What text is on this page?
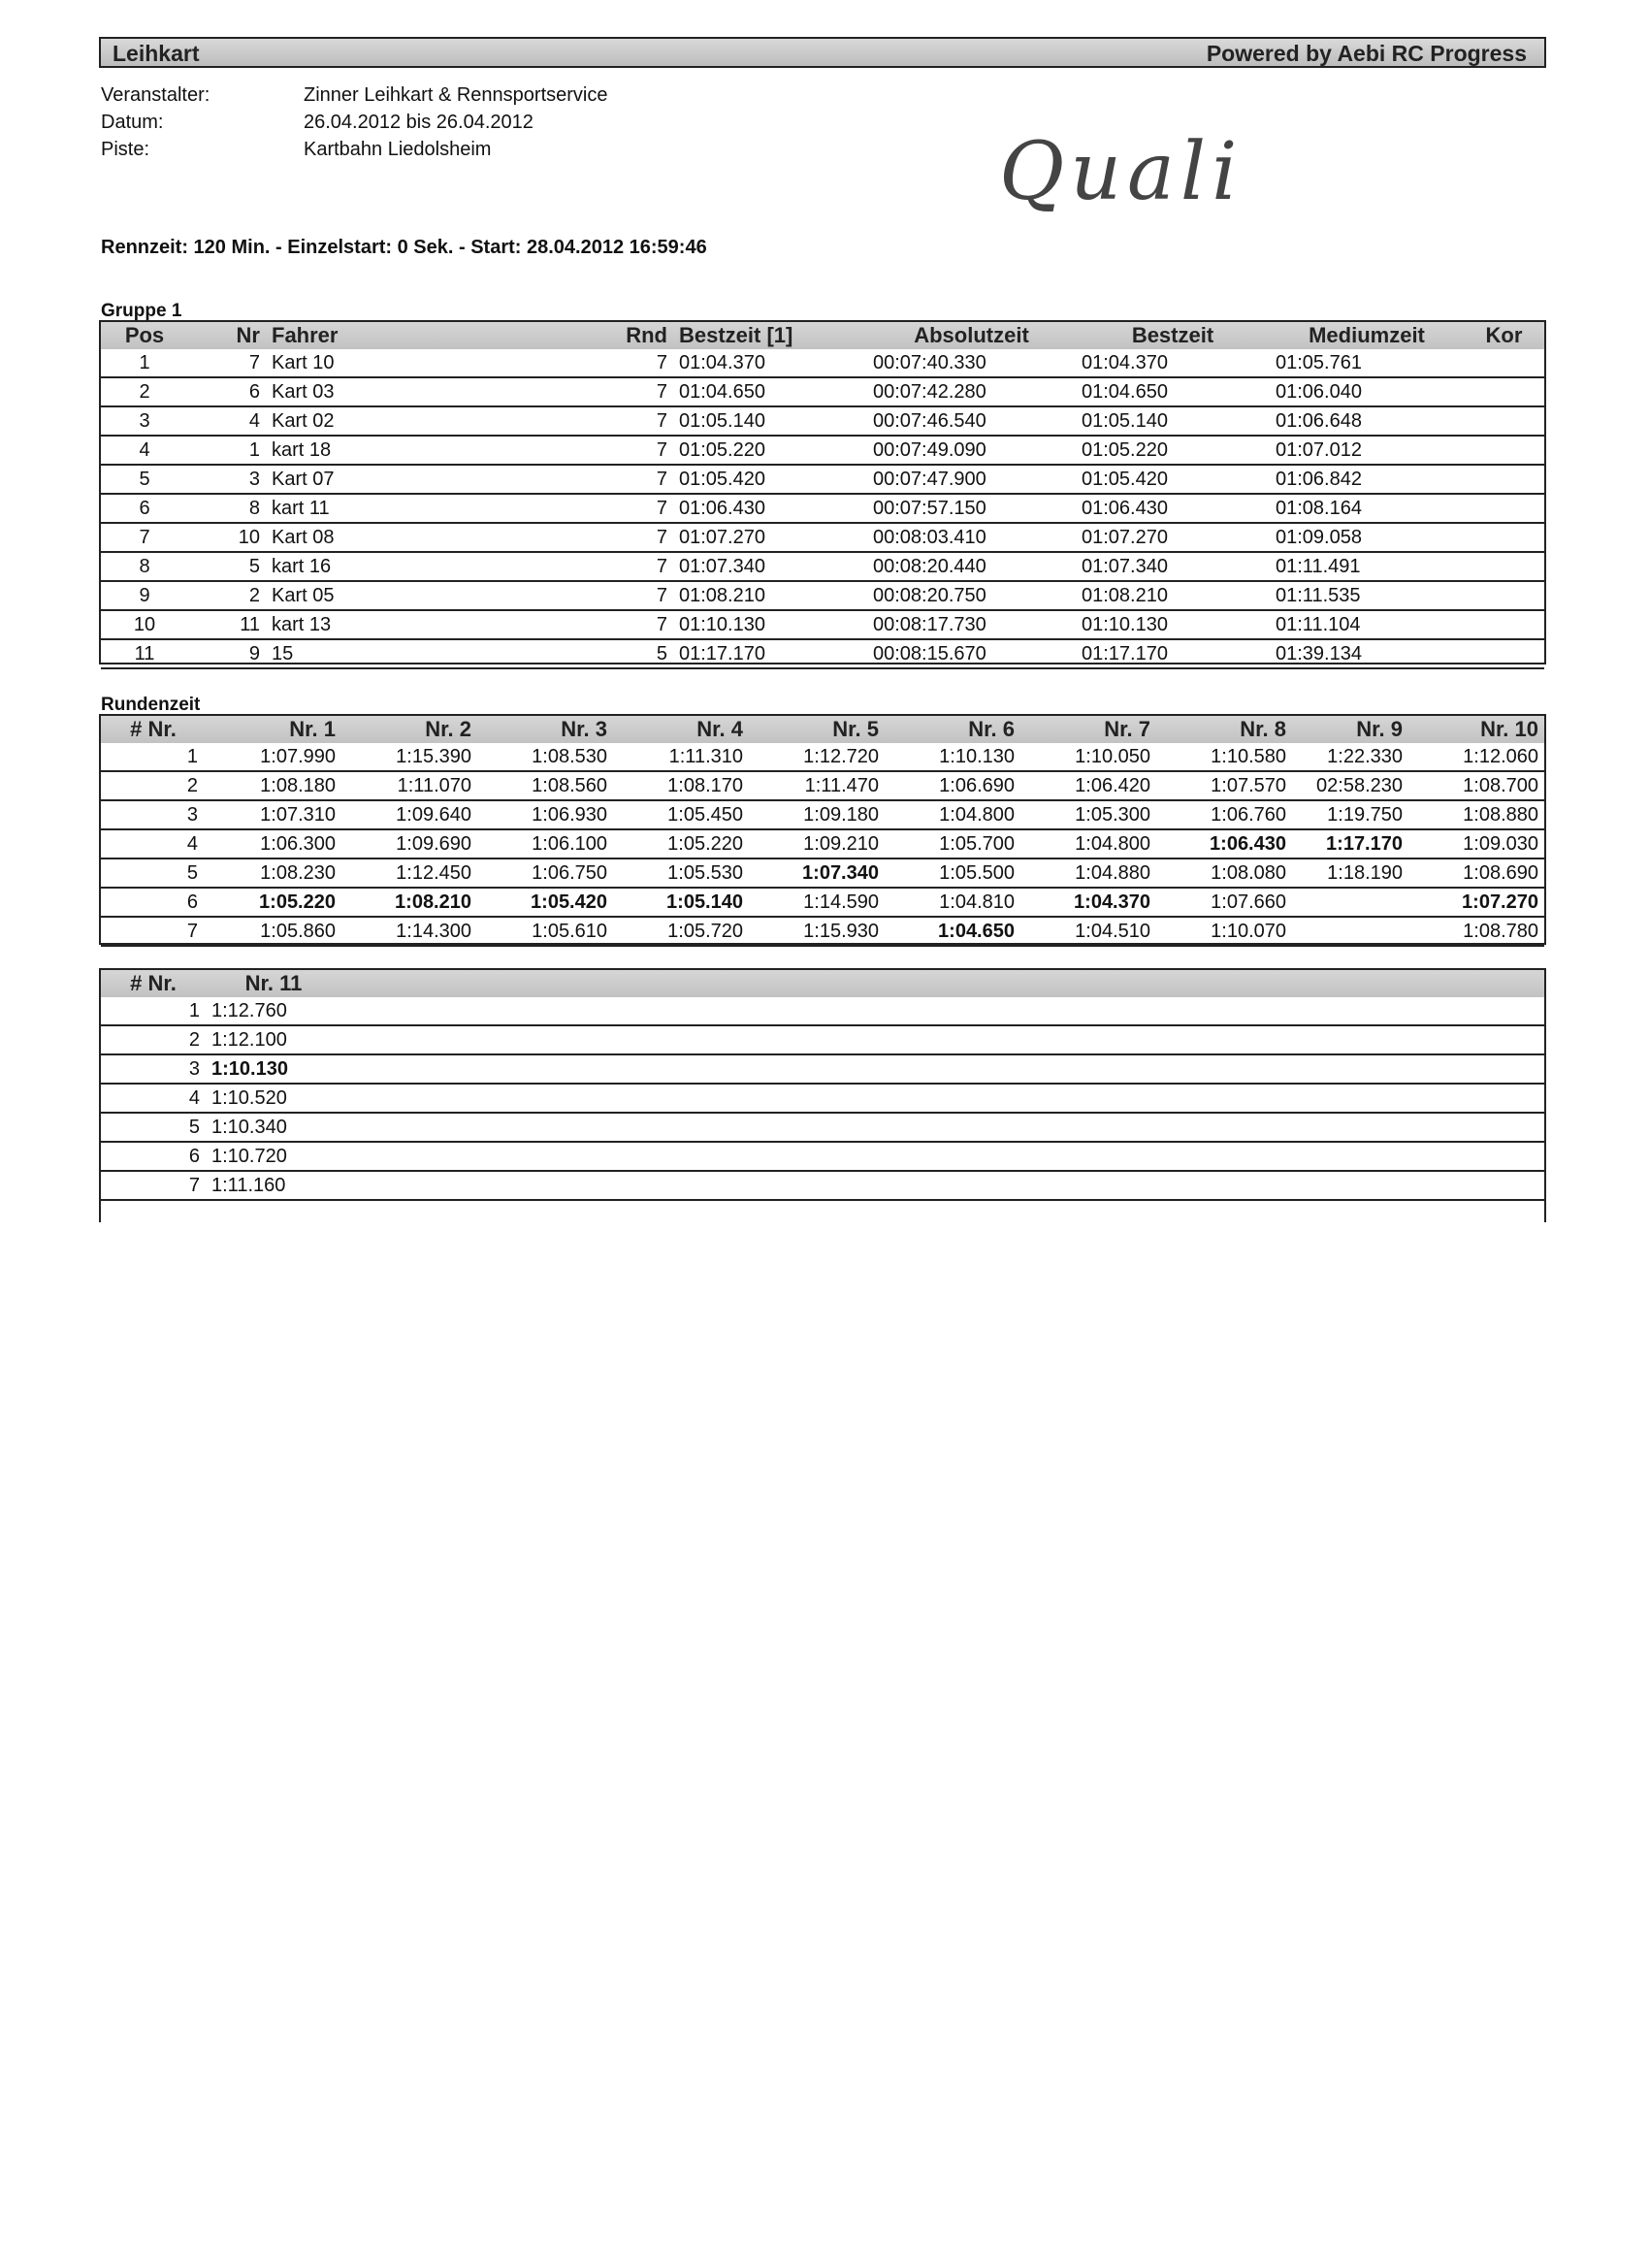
Leihkart	Powered by Aebi RC Progress
Veranstalter:	Zinner Leihkart & Rennsportservice
Datum:	26.04.2012 bis 26.04.2012
Piste:	Kartbahn Liedolsheim	Quali
Rennzeit: 120 Min. - Einzelstart: 0 Sek. - Start: 28.04.2012 16:59:46
Gruppe 1
Pos	Nr	Fahrer	Rnd	Bestzeit [1]	Absolutzeit	Bestzeit	Mediumzeit	Kor
1	7	Kart 10	7	01:04.370	00:07:40.330	01:04.370	01:05.761	
2	6	Kart 03	7	01:04.650	00:07:42.280	01:04.650	01:06.040	
3	4	Kart 02	7	01:05.140	00:07:46.540	01:05.140	01:06.648	
4	1	kart 18	7	01:05.220	00:07:49.090	01:05.220	01:07.012	
5	3	Kart 07	7	01:05.420	00:07:47.900	01:05.420	01:06.842	
6	8	kart 11	7	01:06.430	00:07:57.150	01:06.430	01:08.164	
7	10	Kart 08	7	01:07.270	00:08:03.410	01:07.270	01:09.058	
8	5	kart 16	7	01:07.340	00:08:20.440	01:07.340	01:11.491	
9	2	Kart 05	7	01:08.210	00:08:20.750	01:08.210	01:11.535	
10	11	kart 13	7	01:10.130	00:08:17.730	01:10.130	01:11.104	
11	9	15	5	01:17.170	00:08:15.670	01:17.170	01:39.134	
Rundenzeit
# Nr.	Nr. 1	Nr. 2	Nr. 3	Nr. 4	Nr. 5	Nr. 6	Nr. 7	Nr. 8	Nr. 9	Nr. 10
1	1:07.990	1:15.390	1:08.530	1:11.310	1:12.720	1:10.130	1:10.050	1:10.580	1:22.330	1:12.060
2	1:08.180	1:11.070	1:08.560	1:08.170	1:11.470	1:06.690	1:06.420	1:07.570	02:58.230	1:08.700
3	1:07.310	1:09.640	1:06.930	1:05.450	1:09.180	1:04.800	1:05.300	1:06.760	1:19.750	1:08.880
4	1:06.300	1:09.690	1:06.100	1:05.220	1:09.210	1:05.700	1:04.800	1:06.430	1:17.170	1:09.030
5	1:08.230	1:12.450	1:06.750	1:05.530	1:07.340	1:05.500	1:04.880	1:08.080	1:18.190	1:08.690
6	1:05.220	1:08.210	1:05.420	1:05.140	1:14.590	1:04.810	1:04.370	1:07.660		1:07.270
7	1:05.860	1:14.300	1:05.610	1:05.720	1:15.930	1:04.650	1:04.510	1:10.070		1:08.780
# Nr.	Nr. 11	
1	1:12.760	
2	1:12.100	
3	1:10.130	
4	1:10.520	
5	1:10.340	
6	1:10.720	
7	1:11.160	
